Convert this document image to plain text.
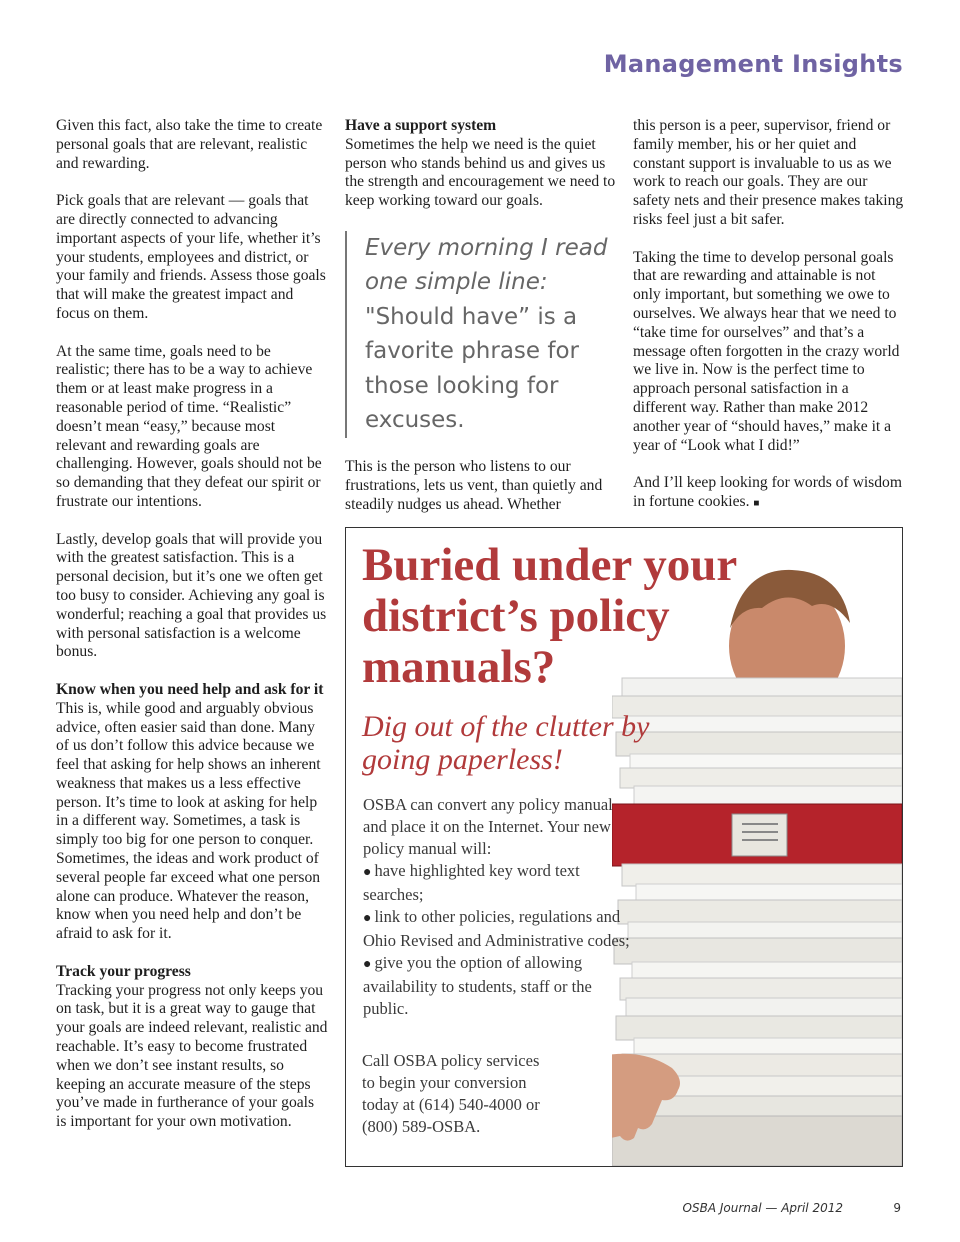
Management Insights

Given this fact, also take the time to create personal goals that are relevant, realistic and rewarding.

Pick goals that are relevant — goals that are directly connected to advancing important aspects of your life, whether it’s your students, employees and district, or your family and friends. Assess those goals that will make the greatest impact and focus on them.

At the same time, goals need to be realistic; there has to be a way to achieve them or at least make progress in a reasonable period of time. “Realistic” doesn’t mean “easy,” because most relevant and rewarding goals are challenging. However, goals should not be so demanding that they defeat our spirit or frustrate our intentions.

Lastly, develop goals that will provide you with the greatest satisfaction. This is a personal decision, but it’s one we often get too busy to consider. Achieving any goal is wonderful; reaching a goal that provides us with personal satisfaction is a welcome bonus.

Know when you need help and ask for it

This is, while good and arguably obvious advice, often easier said than done. Many of us don’t follow this advice because we feel that asking for help shows an inherent weakness that makes us a less effective person. It’s time to look at asking for help in a different way. Sometimes, a task is simply too big for one person to conquer. Sometimes, the ideas and work product of several people far exceed what one person alone can produce. Whatever the reason, know when you need help and don’t be afraid to ask for it.

Track your progress

Tracking your progress not only keeps you on task, but it is a great way to gauge that your goals are indeed relevant, realistic and reachable. It’s easy to become frustrated when we don’t see instant results, so keeping an accurate measure of the steps you’ve made in furtherance of your goals is important for your own motivation.

Have a support system

Sometimes the help we need is the quiet person who stands behind us and gives us the strength and encouragement we need to keep working toward our goals.

Every morning I read one simple line: "Should have” is a favorite phrase for those looking for excuses.

This is the person who listens to our frustrations, lets us vent, than quietly and steadily nudges us ahead. Whether

this person is a peer, supervisor, friend or family member, his or her quiet and constant support is invaluable to us as we work to reach our goals. They are our safety nets and their presence makes taking risks feel just a bit safer.

Taking the time to develop personal goals that are rewarding and attainable is not only important, but something we owe to ourselves. We always hear that we need to “take time for ourselves” and that’s a message often forgotten in the crazy world we live in. Now is the perfect time to approach personal satisfaction in a different way. Rather than make 2012 another year of “should haves,” make it a year of “Look what I did!”

And I’ll keep looking for words of wisdom in fortune cookies. ■

Buried under your district’s policy manuals?
Dig out of the clutter by going paperless!
OSBA can convert any policy manual and place it on the Internet. Your new policy manual will:
● have highlighted key word text searches;
● link to other policies, regulations and Ohio Revised and Administrative codes;
● give you the option of allowing availability to students, staff or the public.
Call OSBA policy services to begin your conversion today at (614) 540-4000 or (800) 589-OSBA.
OSBA Journal — April 2012	9
